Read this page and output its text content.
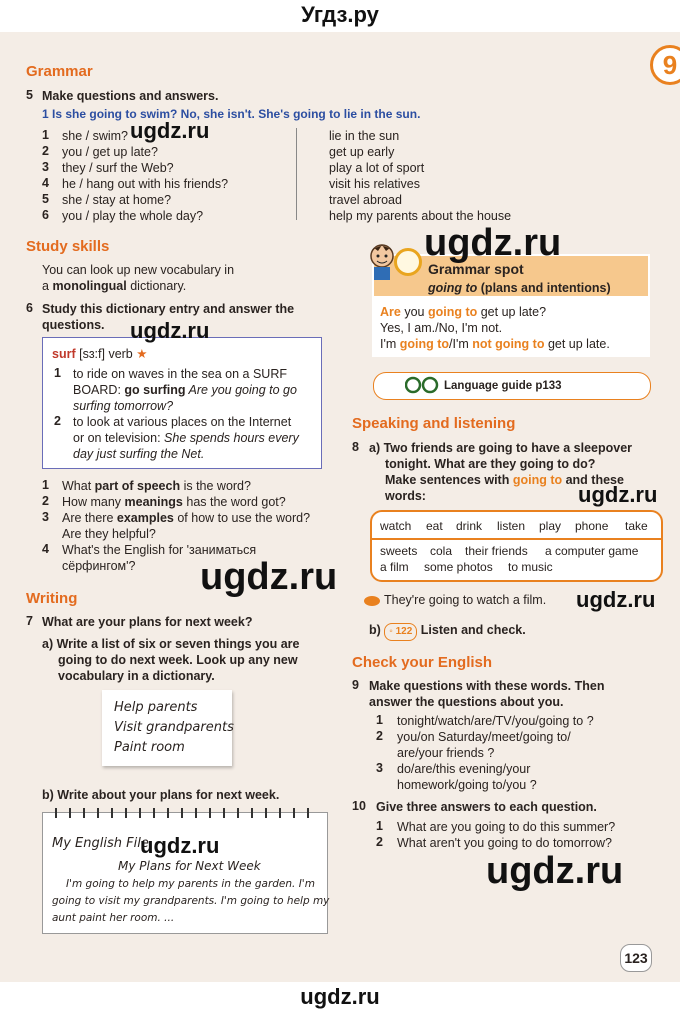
Угдз.ру
9
Grammar
5 Make questions and answers.
1 Is she going to swim? No, she isn't. She's going to lie in the sun.
1 she / swim?
2 you / get up late?
3 they / surf the Web?
4 he / hang out with his friends?
5 she / stay at home?
6 you / play the whole day?
lie in the sun
get up early
play a lot of sport
visit his relatives
travel abroad
help my parents about the house
Study skills
You can look up new vocabulary in
a monolingual dictionary.
6 Study this dictionary entry and answer the
questions.
surf [sɜ:f] verb ★
1 to ride on waves in the sea on a SURF
BOARD: go surfing Are you going to go
surfing tomorrow?
2 to look at various places on the Internet
or on television: She spends hours every
day just surfing the Net.
1 What part of speech is the word?
2 How many meanings has the word got?
3 Are there examples of how to use the word?
Are they helpful?
4 What's the English for 'заниматься
сёрфингом'?
Writing
7 What are your plans for next week?
a) Write a list of six or seven things you are
going to do next week. Look up any new
vocabulary in a dictionary.
Help parents
Visit grandparents
Paint room
b) Write about your plans for next week.
My English File
My Plans for Next Week
I'm going to help my parents in the garden. I'm
going to visit my grandparents. I'm going to help my
aunt paint her room. ...
Grammar spot
going to (plans and intentions)
Are you going to get up late?
Yes, I am./No, I'm not.
I'm going to/I'm not going to get up late.
Language guide p133
Speaking and listening
8 a) Two friends are going to have a sleepover
tonight. What are they going to do?
Make sentences with going to and these
words:
watch eat drink listen play phone take
sweets cola their friends a computer game
a film some photos to music
They're going to watch a film.
b) ◦ 122 Listen and check.
Check your English
9 Make questions with these words. Then
answer the questions about you.
1 tonight/watch/are/TV/you/going to ?
2 you/on Saturday/meet/going to/
are/your friends ?
3 do/are/this evening/your
homework/going to/you ?
10 Give three answers to each question.
1 What are you going to do this summer?
2 What aren't you going to do tomorrow?
123
ugdz.ru
ugdz.ru
ugdz.ru
ugdz.ru
ugdz.ru
ugdz.ru
ugdz.ru
ugdz.ru
ugdz.ru
